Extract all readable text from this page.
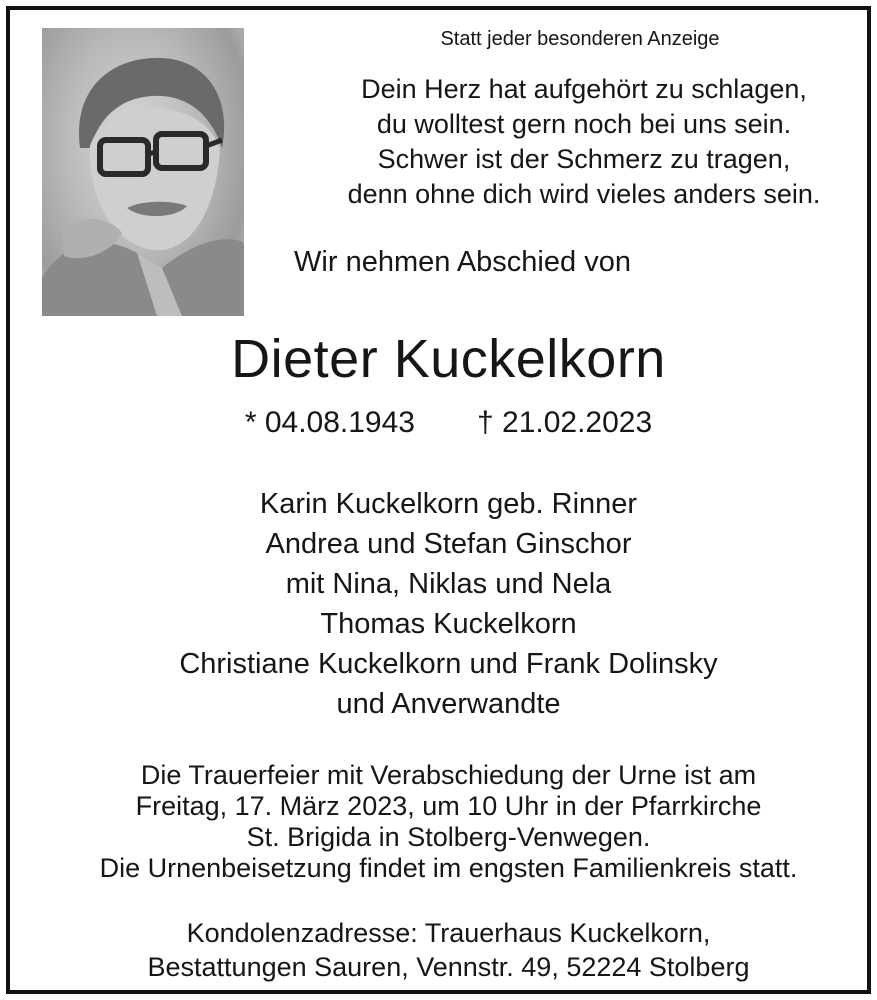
Statt jeder besonderen Anzeige
Dein Herz hat aufgehört zu schlagen,
du wolltest gern noch bei uns sein.
Schwer ist der Schmerz zu tragen,
denn ohne dich wird vieles anders sein.
Wir nehmen Abschied von
Dieter Kuckelkorn
* 04.08.1943 † 21.02.2023
Karin Kuckelkorn geb. Rinner
Andrea und Stefan Ginschor
mit Nina, Niklas und Nela
Thomas Kuckelkorn
Christiane Kuckelkorn und Frank Dolinsky
und Anverwandte
Die Trauerfeier mit Verabschiedung der Urne ist am
Freitag, 17. März 2023, um 10 Uhr in der Pfarrkirche
St. Brigida in Stolberg-Venwegen.
Die Urnenbeisetzung findet im engsten Familienkreis statt.
Kondolenzadresse: Trauerhaus Kuckelkorn,
Bestattungen Sauren, Vennstr. 49, 52224 Stolberg
